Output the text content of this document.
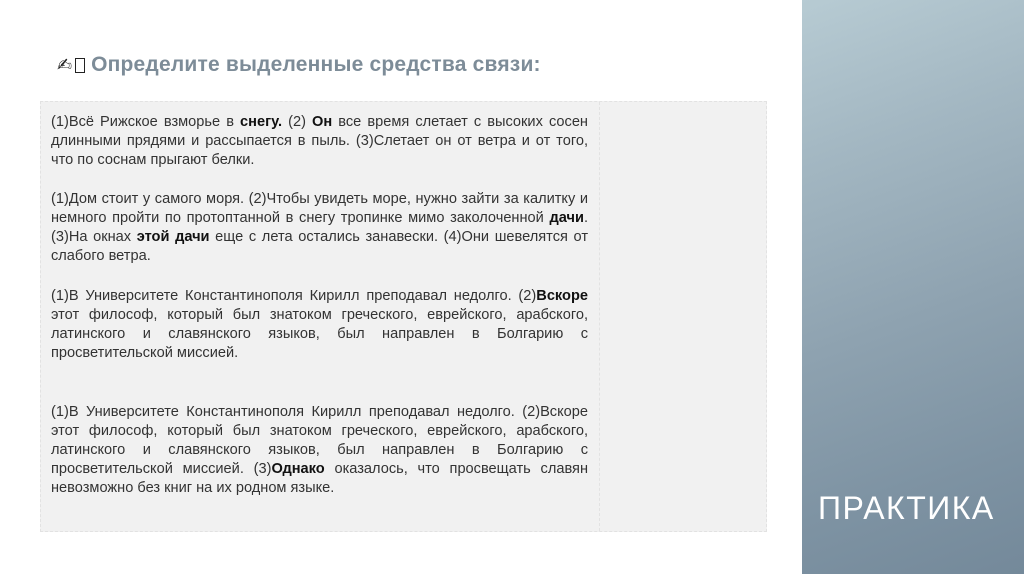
✍ Определите выделенные средства связи:
(1)Всё Рижское взморье в снегу. (2) Он все время слетает с высоких сосен длинными прядями и рассыпается в пыль. (3)Слетает он от ветра и от того, что по соснам прыгают белки.
(1)Дом стоит у самого моря. (2)Чтобы увидеть море, нужно зайти за калитку и немного пройти по протоптанной в снегу тропинке мимо заколоченной дачи. (3)На окнах этой дачи еще с лета остались занавески. (4)Они шевелятся от слабого ветра.
(1)В Университете Константинополя Кирилл преподавал недолго. (2)Вскоре этот философ, который был знатоком греческого, еврейского, арабского, латинского и славянского языков, был направлен в Болгарию с просветительской миссией.
(1)В Университете Константинополя Кирилл преподавал недолго. (2)Вскоре этот философ, который был знатоком греческого, еврейского, арабского, латинского и славянского языков, был направлен в Болгарию с просветительской миссией. (3)Однако оказалось, что просвещать славян невозможно без книг на их родном языке.
ПРАКТИКА
